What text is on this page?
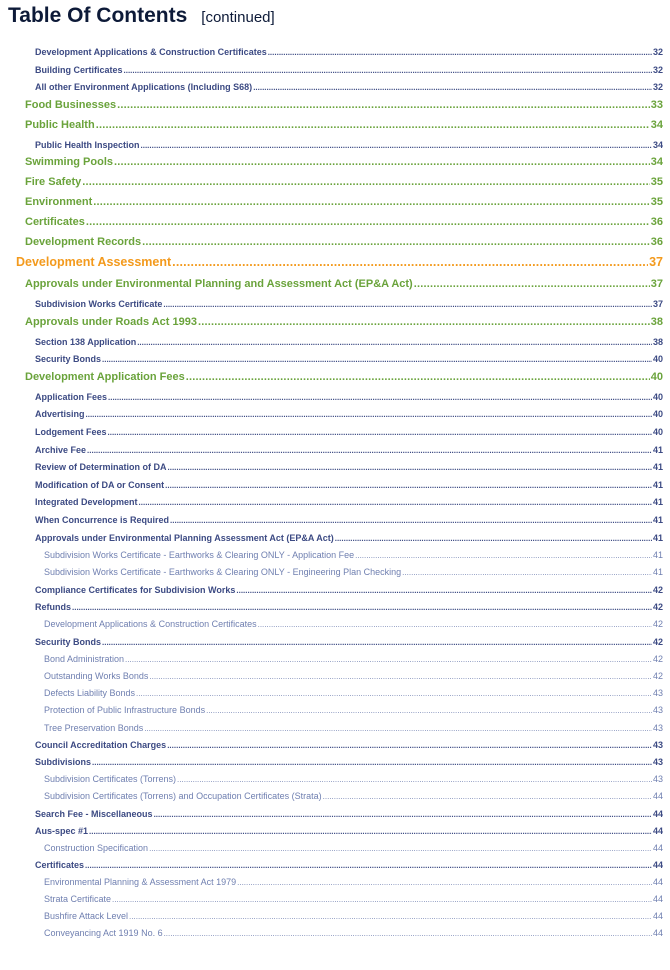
Table Of Contents [continued]
Development Applications & Construction Certificates .....	32
Building Certificates .....	32
All other Environment Applications (Including S68) .....	32
Food Businesses .....	33
Public Health .....	34
Public Health Inspection .....	34
Swimming Pools .....	34
Fire Safety .....	35
Environment .....	35
Certificates .....	36
Development Records .....	36
Development Assessment .....	37
Approvals under Environmental Planning and Assessment Act (EP&A Act) .....	37
Subdivision Works Certificate .....	37
Approvals under Roads Act 1993 .....	38
Section 138 Application .....	38
Security Bonds .....	40
Development Application Fees .....	40
Application Fees .....	40
Advertising .....	40
Lodgement Fees .....	40
Archive Fee .....	41
Review of Determination of DA .....	41
Modification of DA or Consent .....	41
Integrated Development .....	41
When Concurrence is Required .....	41
Approvals under Environmental Planning Assessment Act (EP&A Act) .....	41
Subdivision Works Certificate - Earthworks & Clearing ONLY - Application Fee .....	41
Subdivision Works Certificate - Earthworks & Clearing ONLY - Engineering Plan Checking .....	41
Compliance Certificates for Subdivision Works .....	42
Refunds .....	42
Development Applications & Construction Certificates .....	42
Security Bonds .....	42
Bond Administration .....	42
Outstanding Works Bonds .....	42
Defects Liability Bonds .....	43
Protection of Public Infrastructure Bonds .....	43
Tree Preservation Bonds .....	43
Council Accreditation Charges .....	43
Subdivisions .....	43
Subdivision Certificates (Torrens) .....	43
Subdivision Certificates (Torrens) and Occupation Certificates (Strata) .....	44
Search Fee - Miscellaneous .....	44
Aus-spec #1 .....	44
Construction Specification .....	44
Certificates .....	44
Environmental Planning & Assessment Act 1979 .....	44
Strata Certificate .....	44
Bushfire Attack Level .....	44
Conveyancing Act 1919 No. 6 .....	44
